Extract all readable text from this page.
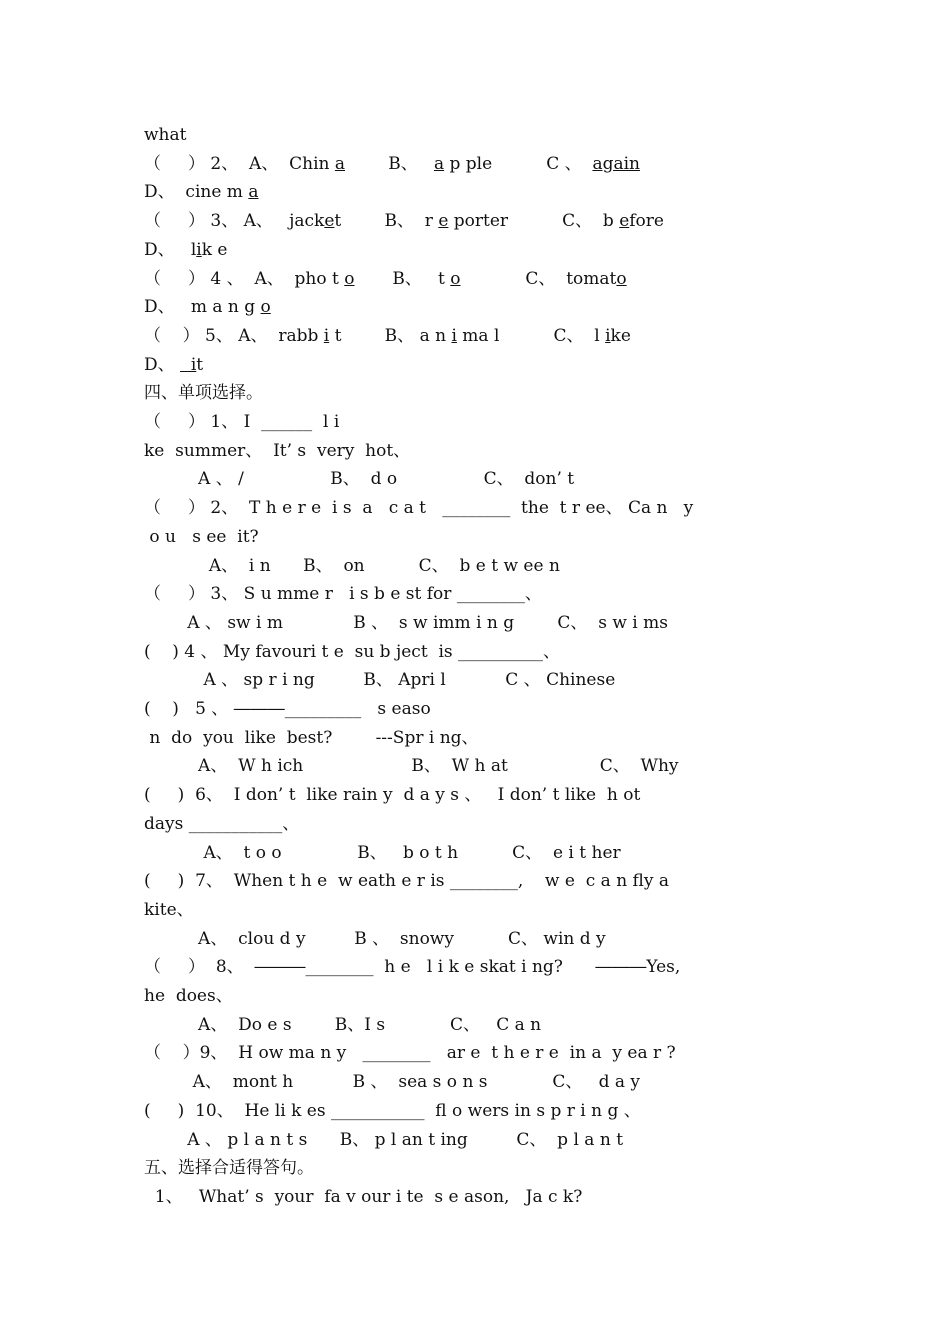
what
（     ） 2、  A、  Chin a        B、   a p ple          C 、  again
D、  cine m a
（     ） 3、 A、   jacket        B、  r e porter          C、  b efore
D、   lik e
（     ） 4 、  A、  pho t o       B、   t o            C、  tomato
D、   m a n g o
（    ） 5、 A、  rabb i t        B、 a n i ma l          C、  l ike
D、   it
四、单项选择。
（     ） 1、 I  ______  l i
ke  summer、  It’ s  very  hot、
A 、 /                B、  d o                C、  don’ t
（     ） 2、  T h e r e  i s  a   c a t   ________  the  t r ee、 Ca n   y
o u   s ee  it?
A、  i n      B、  on          C、  b e t w ee n
（     ） 3、 S u mme r   i s b e st for ________、
A 、 sw i m             B 、  s w imm i n g        C、  s w i ms
(    ) 4 、 My favouri t e  su b ject  is __________、
A 、 sp r i ng         B、 Apri l           C 、 Chinese
(    )   5 、 ―――_________   s easo
n  do  you  like  best?        ---Spr i ng、
A、  W h ich                    B、  W h at                 C、  Why
(     )  6、  I don’ t  like rain y  d a y s 、   I don’ t like  h ot
days ___________、
A、  t o o              B、   b o t h          C、  e i t her
(     )  7、  When t h e  w eath e r is ________,    w e  c a n fly a
kite、
A、  clou d y         B 、  snowy          C、 win d y
（     ）  8、  ―――________  h e   l i k e skat i ng?      ―――Yes,
he  does、
A、  Do e s        B、I s            C、   C a n
（    ）9、  H ow ma n y   ________   ar e  t h e r e  in a  y ea r ?
A、  mont h           B 、  sea s o n s            C、   d a y
(     )  10、  He li k es ___________  fl o wers in s p r i n g 、
A 、 p l a n t s      B、 p l an t ing         C、  p l a n t
五、选择合适得答句。
1、   What’ s  your  fa v our i te  s e ason,   Ja c k?
